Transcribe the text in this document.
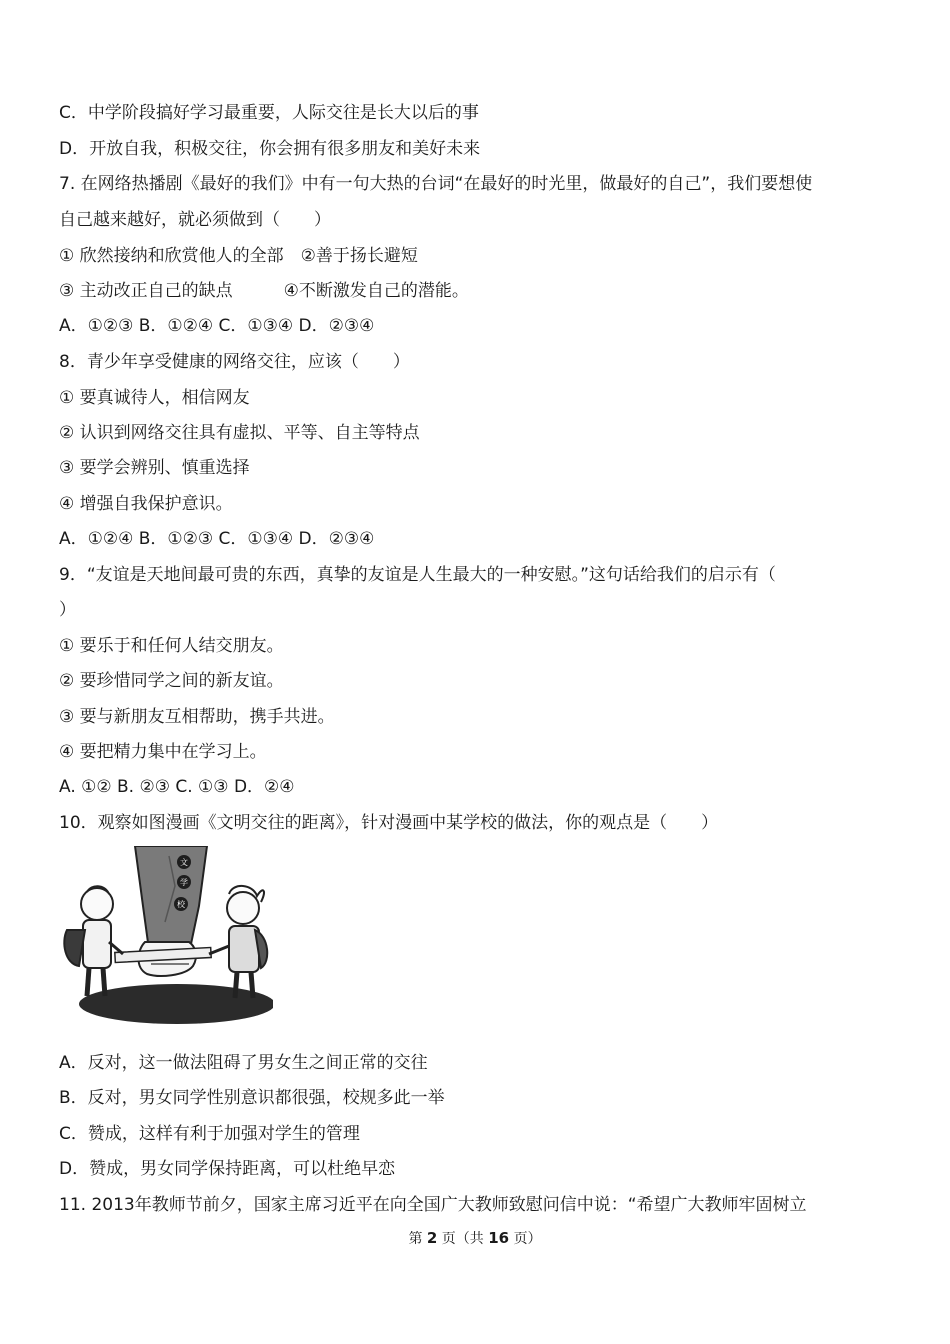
C．中学阶段搞好学习最重要，人际交往是长大以后的事
D．开放自我，积极交往，你会拥有很多朋友和美好未来
7. 在网络热播剧《最好的我们》中有一句大热的台词“在最好的时光里，做最好的自己”，我们要想使
自己越来越好，就必须做到（　　）
① 欣然接纳和欣赏他人的全部　②善于扬长避短
③ 主动改正自己的缺点　　　④不断激发自己的潜能。
A．①②③ B．①②④ C．①③④ D．②③④
8．青少年享受健康的网络交往，应该（　　）
① 要真诚待人，相信网友
② 认识到网络交往具有虚拟、平等、自主等特点
③ 要学会辨别、慎重选择
④ 增强自我保护意识。
A．①②④ B．①②③ C．①③④ D．②③④
9．“友谊是天地间最可贵的东西，真挚的友谊是人生最大的一种安慰。”这句话给我们的启示有（
）
① 要乐于和任何人结交朋友。
② 要珍惜同学之间的新友谊。
③ 要与新朋友互相帮助，携手共进。
④ 要把精力集中在学习上。
A. ①② B. ②③ C. ①③ D．②④
10．观察如图漫画《文明交往的距离》，针对漫画中某学校的做法，你的观点是（　　）
文
学
校
A．反对，这一做法阻碍了男女生之间正常的交往
B．反对，男女同学性别意识都很强，校规多此一举
C．赞成，这样有利于加强对学生的管理
D．赞成，男女同学保持距离，可以杜绝早恋
11. 2013年教师节前夕，国家主席习近平在向全国广大教师致慰问信中说：“希望广大教师牢固树立
第 2 页（共 16 页）
